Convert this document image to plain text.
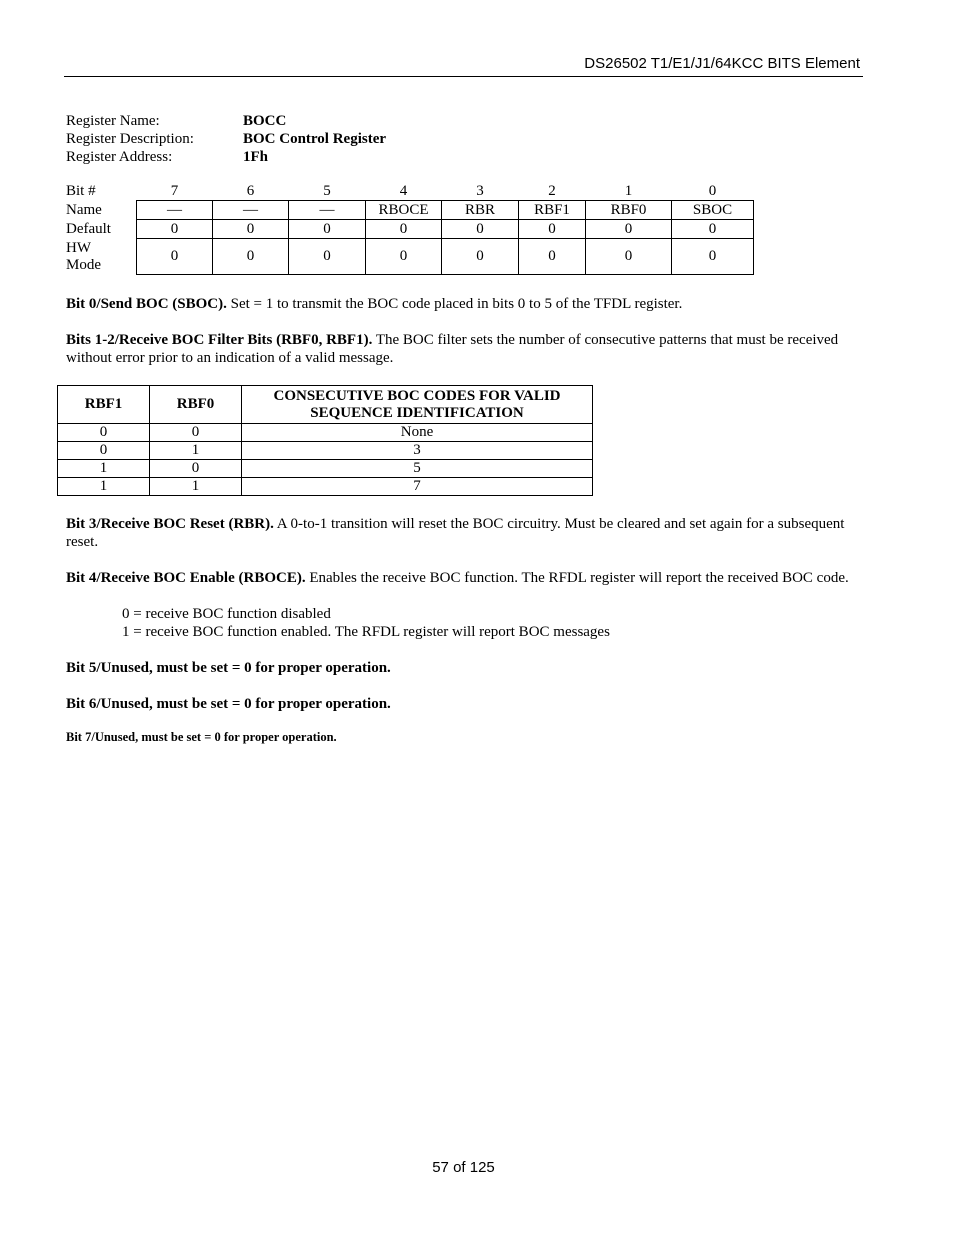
DS26502 T1/E1/J1/64KCC BITS Element
Register Name:	BOCC
Register Description:	BOC Control Register
Register Address:	1Fh
Bit #	7	6	5	4	3	2	1	0
Name	—	—	—	RBOCE	RBR	RBF1	RBF0	SBOC
Default	0	0	0	0	0	0	0	0
HW
Mode	0	0	0	0	0	0	0	0
Bit 0/Send BOC (SBOC). Set = 1 to transmit the BOC code placed in bits 0 to 5 of the TFDL register.
Bits 1-2/Receive BOC Filter Bits (RBF0, RBF1). The BOC filter sets the number of consecutive patterns that must be received without error prior to an indication of a valid message.
RBF1	RBF0	CONSECUTIVE BOC CODES FOR VALID SEQUENCE IDENTIFICATION
0	0	None
0	1	3
1	0	5
1	1	7
Bit 3/Receive BOC Reset (RBR). A 0-to-1 transition will reset the BOC circuitry. Must be cleared and set again for a subsequent reset.
Bit 4/Receive BOC Enable (RBOCE). Enables the receive BOC function. The RFDL register will report the received BOC code.
0 = receive BOC function disabled
1 = receive BOC function enabled. The RFDL register will report BOC messages
Bit 5/Unused, must be set = 0 for proper operation.
Bit 6/Unused, must be set = 0 for proper operation.
Bit 7/Unused, must be set = 0 for proper operation.
57 of 125
